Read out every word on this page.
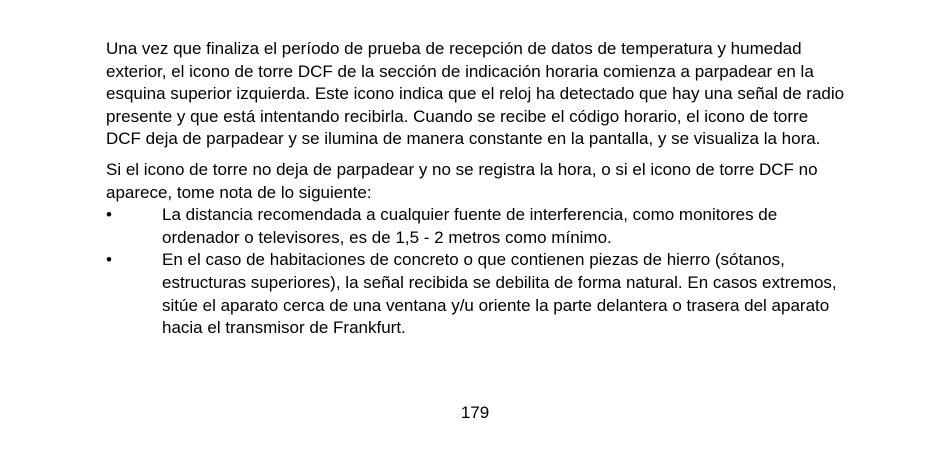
Una vez que finaliza el período de prueba de recepción de datos de temperatura y humedad exterior, el icono de torre DCF de la sección de indicación horaria comienza a parpadear en la esquina superior izquierda. Este icono indica que el reloj ha detectado que hay una señal de radio presente y que está intentando recibirla. Cuando se recibe el código horario, el icono de torre DCF deja de parpadear y se ilumina de manera constante en la pantalla, y se visualiza la hora.

Si el icono de torre no deja de parpadear y no se registra la hora, o si el icono de torre DCF no aparece, tome nota de lo siguiente:

•	La distancia recomendada a cualquier fuente de interferencia, como monitores de ordenador o televisores, es de 1,5 - 2 metros como mínimo.
•	En el caso de habitaciones de concreto o que contienen piezas de hierro (sótanos, estructuras superiores), la señal recibida se debilita de forma natural. En casos extremos, sitúe el aparato cerca de una ventana y/u oriente la parte delantera o trasera del aparato hacia el transmisor de Frankfurt.
179
